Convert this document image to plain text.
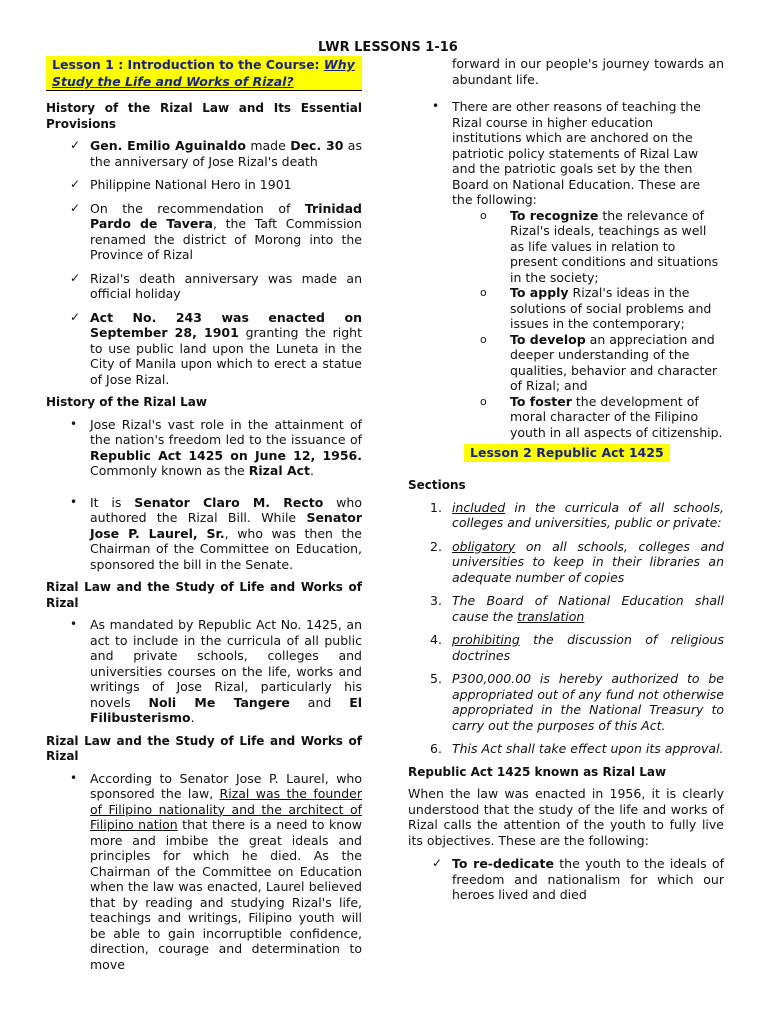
LWR LESSONS 1-16
Lesson 1 : Introduction to the Course: Why Study the Life and Works of Rizal?
History of the Rizal Law and Its Essential Provisions
✓ Gen. Emilio Aguinaldo made Dec. 30 as the anniversary of Jose Rizal's death
✓ Philippine National Hero in 1901
✓ On the recommendation of Trinidad Pardo de Tavera, the Taft Commission renamed the district of Morong into the Province of Rizal
✓ Rizal's death anniversary was made an official holiday
✓ Act No. 243 was enacted on September 28, 1901 granting the right to use public land upon the Luneta in the City of Manila upon which to erect a statue of Jose Rizal.
History of the Rizal Law
• Jose Rizal's vast role in the attainment of the nation's freedom led to the issuance of Republic Act 1425 on June 12, 1956. Commonly known as the Rizal Act.
• It is Senator Claro M. Recto who authored the Rizal Bill. While Senator Jose P. Laurel, Sr., who was then the Chairman of the Committee on Education, sponsored the bill in the Senate.
Rizal Law and the Study of Life and Works of Rizal
• As mandated by Republic Act No. 1425, an act to include in the curricula of all public and private schools, colleges and universities courses on the life, works and writings of Jose Rizal, particularly his novels Noli Me Tangere and El Filibusterismo.
Rizal Law and the Study of Life and Works of Rizal
• According to Senator Jose P. Laurel, who sponsored the law, Rizal was the founder of Filipino nationality and the architect of Filipino nation that there is a need to know more and imbibe the great ideals and principles for which he died. As the Chairman of the Committee on Education when the law was enacted, Laurel believed that by reading and studying Rizal's life, teachings and writings, Filipino youth will be able to gain incorruptible confidence, direction, courage and determination to move
forward in our people's journey towards an abundant life.
• There are other reasons of teaching the Rizal course in higher education institutions which are anchored on the patriotic policy statements of Rizal Law and the patriotic goals set by the then Board on National Education. These are the following:
o To recognize the relevance of Rizal's ideals, teachings as well as life values in relation to present conditions and situations in the society;
o To apply Rizal's ideas in the solutions of social problems and issues in the contemporary;
o To develop an appreciation and deeper understanding of the qualities, behavior and character of Rizal; and
o To foster the development of moral character of the Filipino youth in all aspects of citizenship.
Lesson 2 Republic Act 1425
Sections
1. included in the curricula of all schools, colleges and universities, public or private:
2. obligatory on all schools, colleges and universities to keep in their libraries an adequate number of copies
3. The Board of National Education shall cause the translation
4. prohibiting the discussion of religious doctrines
5. P300,000.00 is hereby authorized to be appropriated out of any fund not otherwise appropriated in the National Treasury to carry out the purposes of this Act.
6. This Act shall take effect upon its approval.
Republic Act 1425 known as Rizal Law
When the law was enacted in 1956, it is clearly understood that the study of the life and works of Rizal calls the attention of the youth to fully live its objectives. These are the following:
✓ To re-dedicate the youth to the ideals of freedom and nationalism for which our heroes lived and died
